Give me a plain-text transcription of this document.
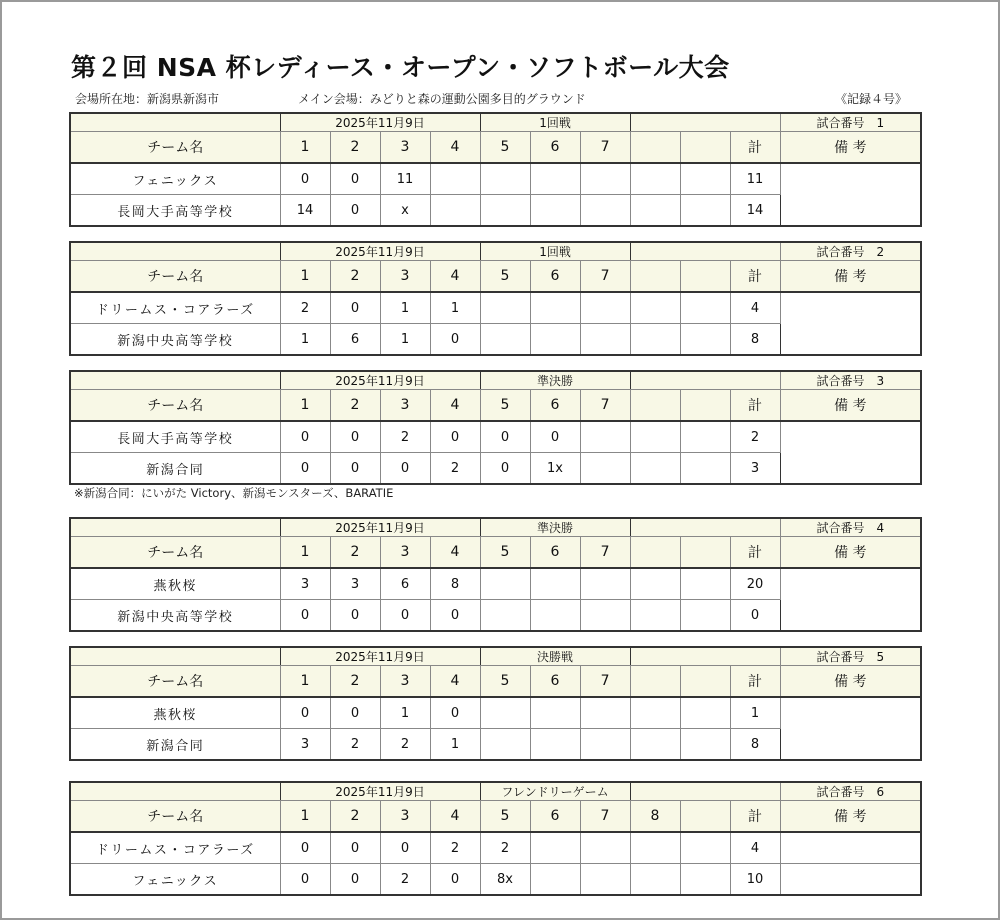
第２回 NSA 杯レディース・オープン・ソフトボール大会
会場所在地：新潟県新潟市	メイン会場：みどりと森の運動公園多目的グラウンド	《記録４号》
	2025年11月9日				1回戦						試合番号　1
チーム名	1	2	3	4	5	6	7			計	備 考
フェニックス	0	0	11							11	
長岡大手高等学校	14	0	x							14	
	2025年11月9日				1回戦						試合番号　2
チーム名	1	2	3	4	5	6	7			計	備 考
ドリームス・コアラーズ	2	0	1	1						4	
新潟中央高等学校	1	6	1	0						8	
	2025年11月9日				準決勝						試合番号　3
チーム名	1	2	3	4	5	6	7			計	備 考
長岡大手高等学校	0	0	2	0	0	0				2	
新潟合同	0	0	0	2	0	1x				3	
※新潟合同：にいがた Victory、新潟モンスターズ、BARATIE
	2025年11月9日				準決勝						試合番号　4
チーム名	1	2	3	4	5	6	7			計	備 考
燕秋桜	3	3	6	8						20	
新潟中央高等学校	0	0	0	0						0	
	2025年11月9日				決勝戦						試合番号　5
チーム名	1	2	3	4	5	6	7			計	備 考
燕秋桜	0	0	1	0						1	
新潟合同	3	2	2	1						8	
	2025年11月9日				フレンドリーゲーム						試合番号　6
チーム名	1	2	3	4	5	6	7	8		計	備 考
ドリームス・コアラーズ	0	0	0	2	2					4	
フェニックス	0	0	2	0	8x					10	
